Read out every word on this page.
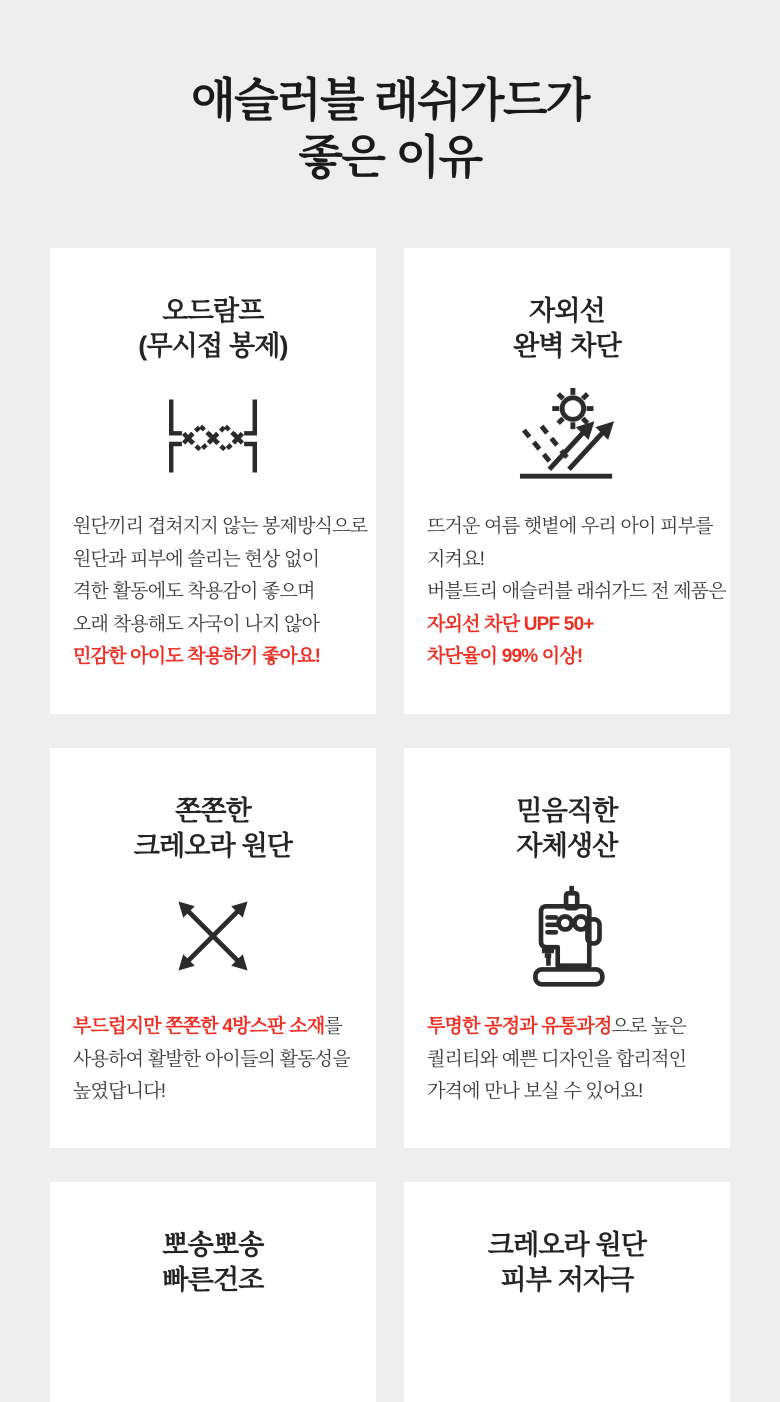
애슬러블 래쉬가드가
좋은 이유
오드람프
(무시접 봉제)

원단끼리 겹쳐지지 않는 봉제방식으로

원단과 피부에 쓸리는 현상 없이

격한 활동에도 착용감이 좋으며

오래 착용해도 자국이 나지 않아

민감한 아이도 착용하기 좋아요!

자외선
완벽 차단

뜨거운 여름 햇볕에 우리 아이 피부를

지켜요!

버블트리 애슬러블 래쉬가드 전 제품은

자외선 차단 UPF 50+

차단율이 99% 이상!

쫀쫀한
크레오라 원단

부드럽지만 쫀쫀한 4방스판 소재를

사용하여 활발한 아이들의 활동성을

높였답니다!

믿음직한
자체생산

투명한 공정과 유통과정으로 높은

퀄리티와 예쁜 디자인을 합리적인

가격에 만나 보실 수 있어요!

뽀송뽀송
빠른건조
크레오라 원단
피부 저자극
